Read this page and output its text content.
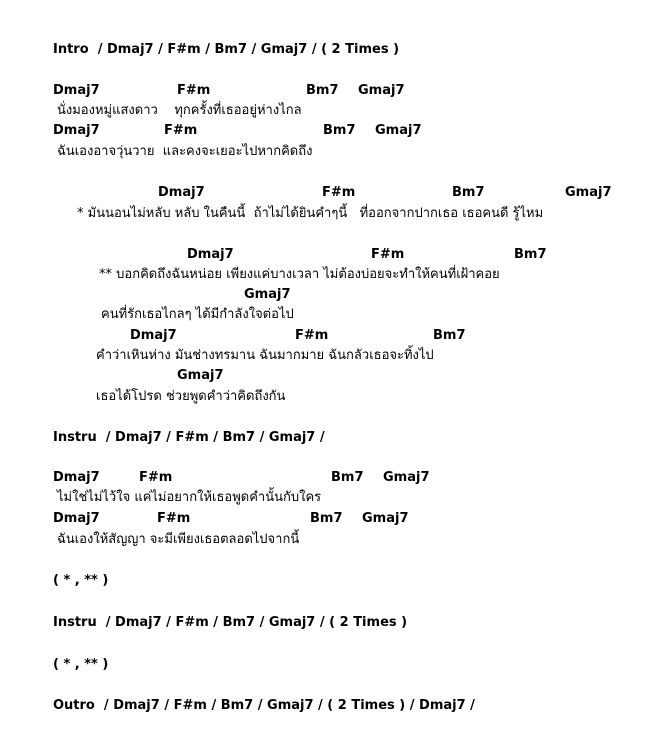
Intro  / Dmaj7 / F#m / Bm7 / Gmaj7 / ( 2 Times )
Dmaj7	F#m	Bm7 Gmaj7
นั่งมองหมู่แสงดาว    ทุกครั้งที่เธออยู่ห่างไกล
Dmaj7	F#m	Bm7 Gmaj7
ฉันเองอาจวุ่นวาย  และคงจะเยอะไปหากคิดถึง
Dmaj7	F#m	Bm7	Gmaj7
* มันนอนไม่หลับ หลับ ในคืนนี้  ถ้าไม่ได้ยินคำๆนี้   ที่ออกจากปากเธอ เธอคนดี รู้ไหม
Dmaj7	F#m	Bm7
** บอกคิดถึงฉันหน่อย เพียงแค่บางเวลา ไม่ต้องบ่อยจะทำให้คนที่เฝ้าคอย
Gmaj7
คนที่รักเธอไกลๆ ได้มีกำลังใจต่อไป
Dmaj7	F#m	Bm7
คำว่าเหินห่าง มันช่างทรมาน ฉันมากมาย ฉันกลัวเธอจะทิ้งไป
Gmaj7
เธอได้โปรด ช่วยพูดคำว่าคิดถึงกัน
Instru  / Dmaj7 / F#m / Bm7 / Gmaj7 /
Dmaj7	F#m	Bm7 Gmaj7
ไม่ใช่ไม่ไว้ใจ แค่ไม่อยากให้เธอพูดคำนั้นกับใคร
Dmaj7	F#m	Bm7 Gmaj7
ฉันเองให้สัญญา จะมีเพียงเธอตลอดไปจากนี้
( * , ** )
Instru  / Dmaj7 / F#m / Bm7 / Gmaj7 / ( 2 Times )
( * , ** )
Outro  / Dmaj7 / F#m / Bm7 / Gmaj7 / ( 2 Times ) / Dmaj7 /
